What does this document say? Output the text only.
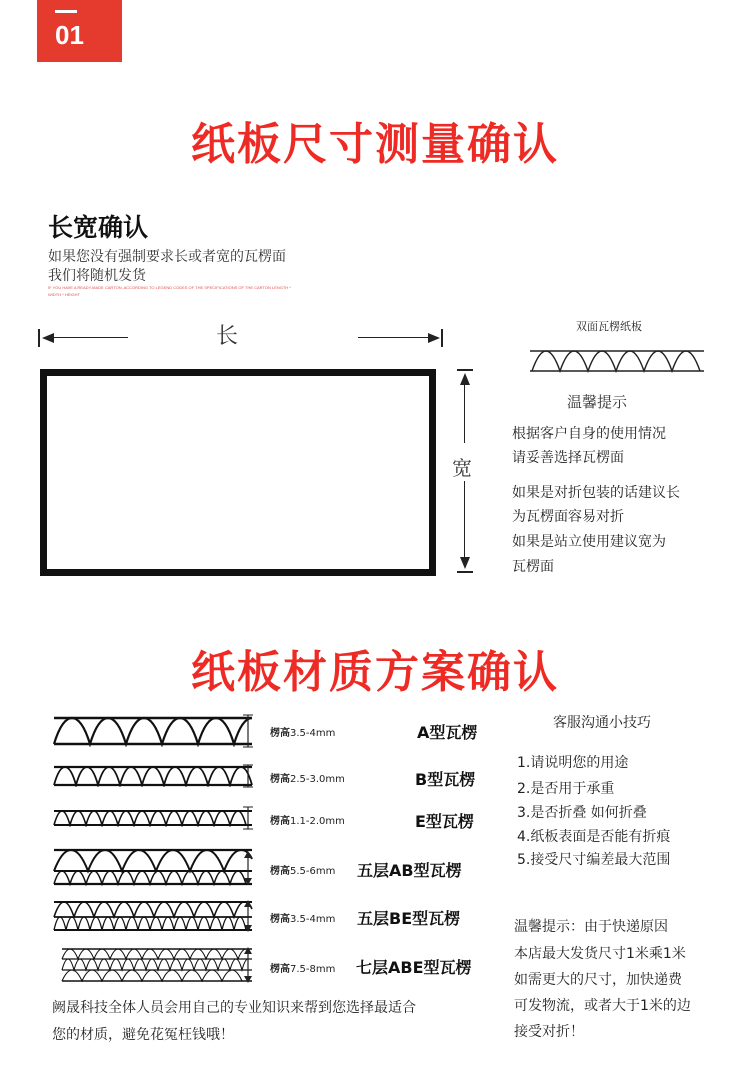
01
纸板尺寸测量确认
长宽确认
如果您没有强制要求长或者宽的瓦楞面
我们将随机发货
IF YOU HAVE A READY-MADE CARTON, ACCORDING TO LEGEND CODES OF THE SPECIFICATIONS OF THE CARTON LENGTH * WIDTH * HEIGHT
长
宽
双面瓦楞纸板
温馨提示
根据客户自身的使用情况
请妥善选择瓦楞面
如果是对折包装的话建议长
为瓦楞面容易对折
如果是站立使用建议宽为
瓦楞面
纸板材质方案确认
楞高3.5-4mm	A型瓦楞
楞高2.5-3.0mm	B型瓦楞
楞高1.1-2.0mm	E型瓦楞
楞高5.5-6mm 五层AB型瓦楞
楞高3.5-4mm 五层BE型瓦楞
楞高7.5-8mm 七层ABE型瓦楞
客服沟通小技巧
1.请说明您的用途
2.是否用于承重
3.是否折叠 如何折叠
4.纸板表面是否能有折痕
5.接受尺寸编差最大范围
温馨提示：由于快递原因
本店最大发货尺寸1米乘1米
如需更大的尺寸，加快递费
可发物流，或者大于1米的边
接受对折！
阙晟科技全体人员会用自己的专业知识来帮到您选择最适合
您的材质，避免花冤枉钱哦！
